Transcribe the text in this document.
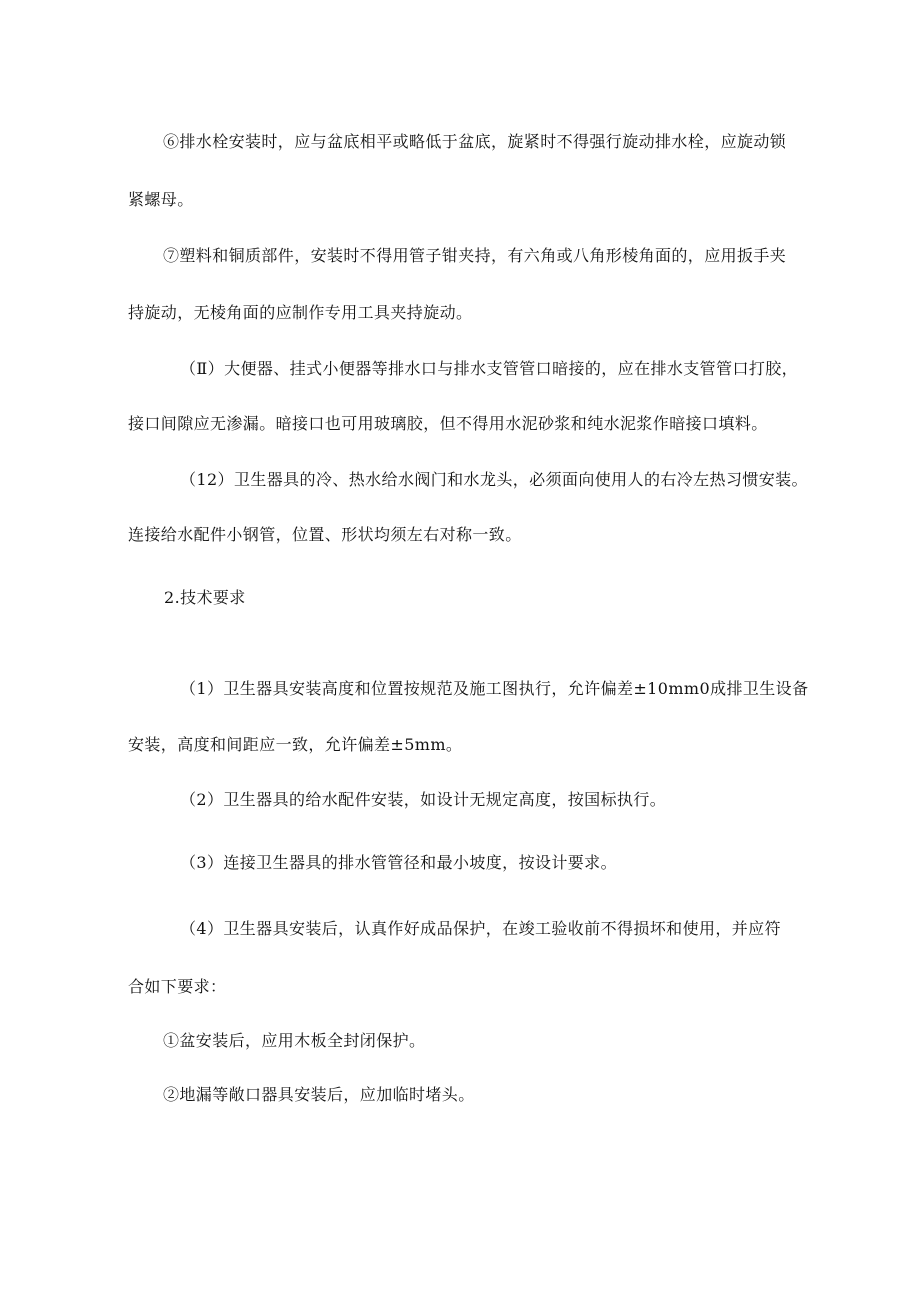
⑥排水栓安装时，应与盆底相平或略低于盆底，旋紧时不得强行旋动排水栓，应旋动锁
紧螺母。
⑦塑料和铜质部件，安装时不得用管子钳夹持，有六角或八角形棱角面的，应用扳手夹
持旋动，无棱角面的应制作专用工具夹持旋动。
（Ⅱ）大便器、挂式小便器等排水口与排水支管管口暗接的，应在排水支管管口打胶，
接口间隙应无渗漏。暗接口也可用玻璃胶，但不得用水泥砂浆和纯水泥浆作暗接口填料。
（12）卫生器具的冷、热水给水阀门和水龙头，必须面向使用人的右冷左热习惯安装。
连接给水配件小钢管，位置、形状均须左右对称一致。
2.技术要求
（1）卫生器具安装高度和位置按规范及施工图执行，允许偏差±10mm0成排卫生设备
安装，高度和间距应一致，允许偏差±5mm。
（2）卫生器具的给水配件安装，如设计无规定高度，按国标执行。
（3）连接卫生器具的排水管管径和最小坡度，按设计要求。
（4）卫生器具安装后，认真作好成品保护，在竣工验收前不得损坏和使用，并应符
合如下要求：
①盆安装后，应用木板全封闭保护。
②地漏等敞口器具安装后，应加临时堵头。
